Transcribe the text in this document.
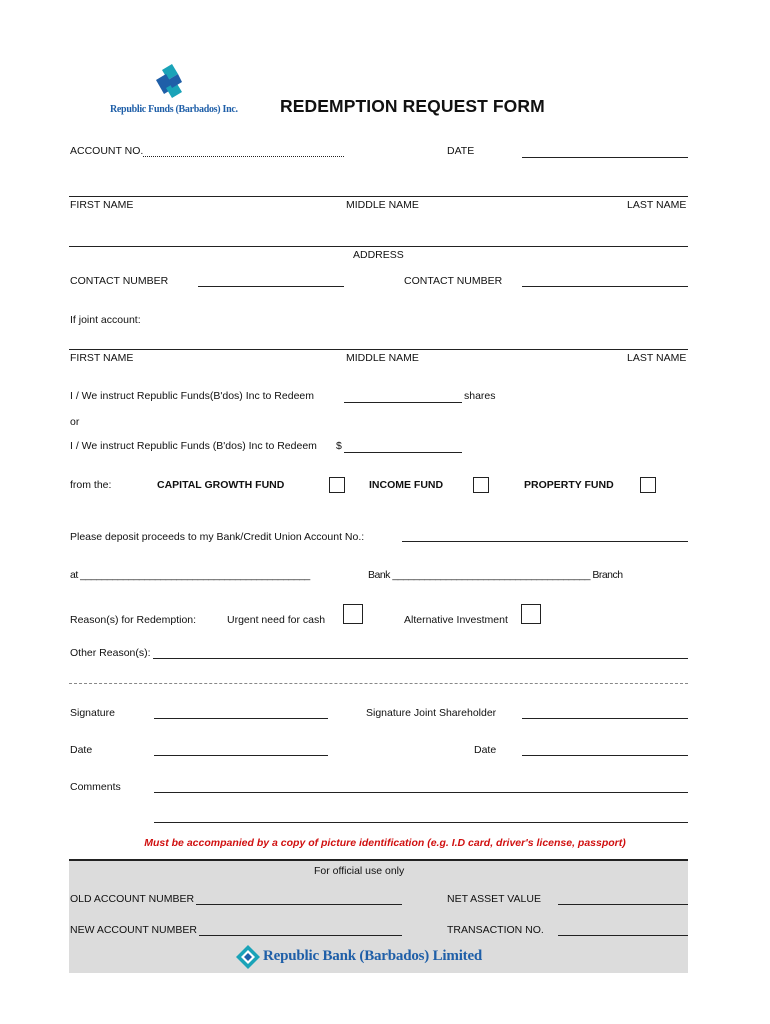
Republic Funds (Barbados) Inc. REDEMPTION REQUEST FORM
ACCOUNT NO.	DATE
FIRST NAME	MIDDLE NAME	LAST NAME
ADDRESS
CONTACT NUMBER	CONTACT NUMBER
If joint account:
FIRST NAME	MIDDLE NAME	LAST NAME
I / We instruct Republic Funds(B'dos) Inc to Redeem	shares
or
I / We instruct Republic Funds (B'dos) Inc to Redeem $
from the:	CAPITAL GROWTH FUND	INCOME FUND	PROPERTY FUND
Please deposit proceeds to my Bank/Credit Union Account No.:
at ___________________________________________	Bank _____________________________________ Branch
Reason(s) for Redemption:	Urgent need for cash	Alternative Investment
Other Reason(s):
Signature	Signature Joint Shareholder
Date	Date
Comments
Must be accompanied by a copy of picture identification (e.g. I.D card, driver's license, passport)
For official use only
OLD ACCOUNT NUMBER	NET ASSET VALUE
NEW ACCOUNT NUMBER	TRANSACTION NO.
Republic Bank (Barbados) Limited
